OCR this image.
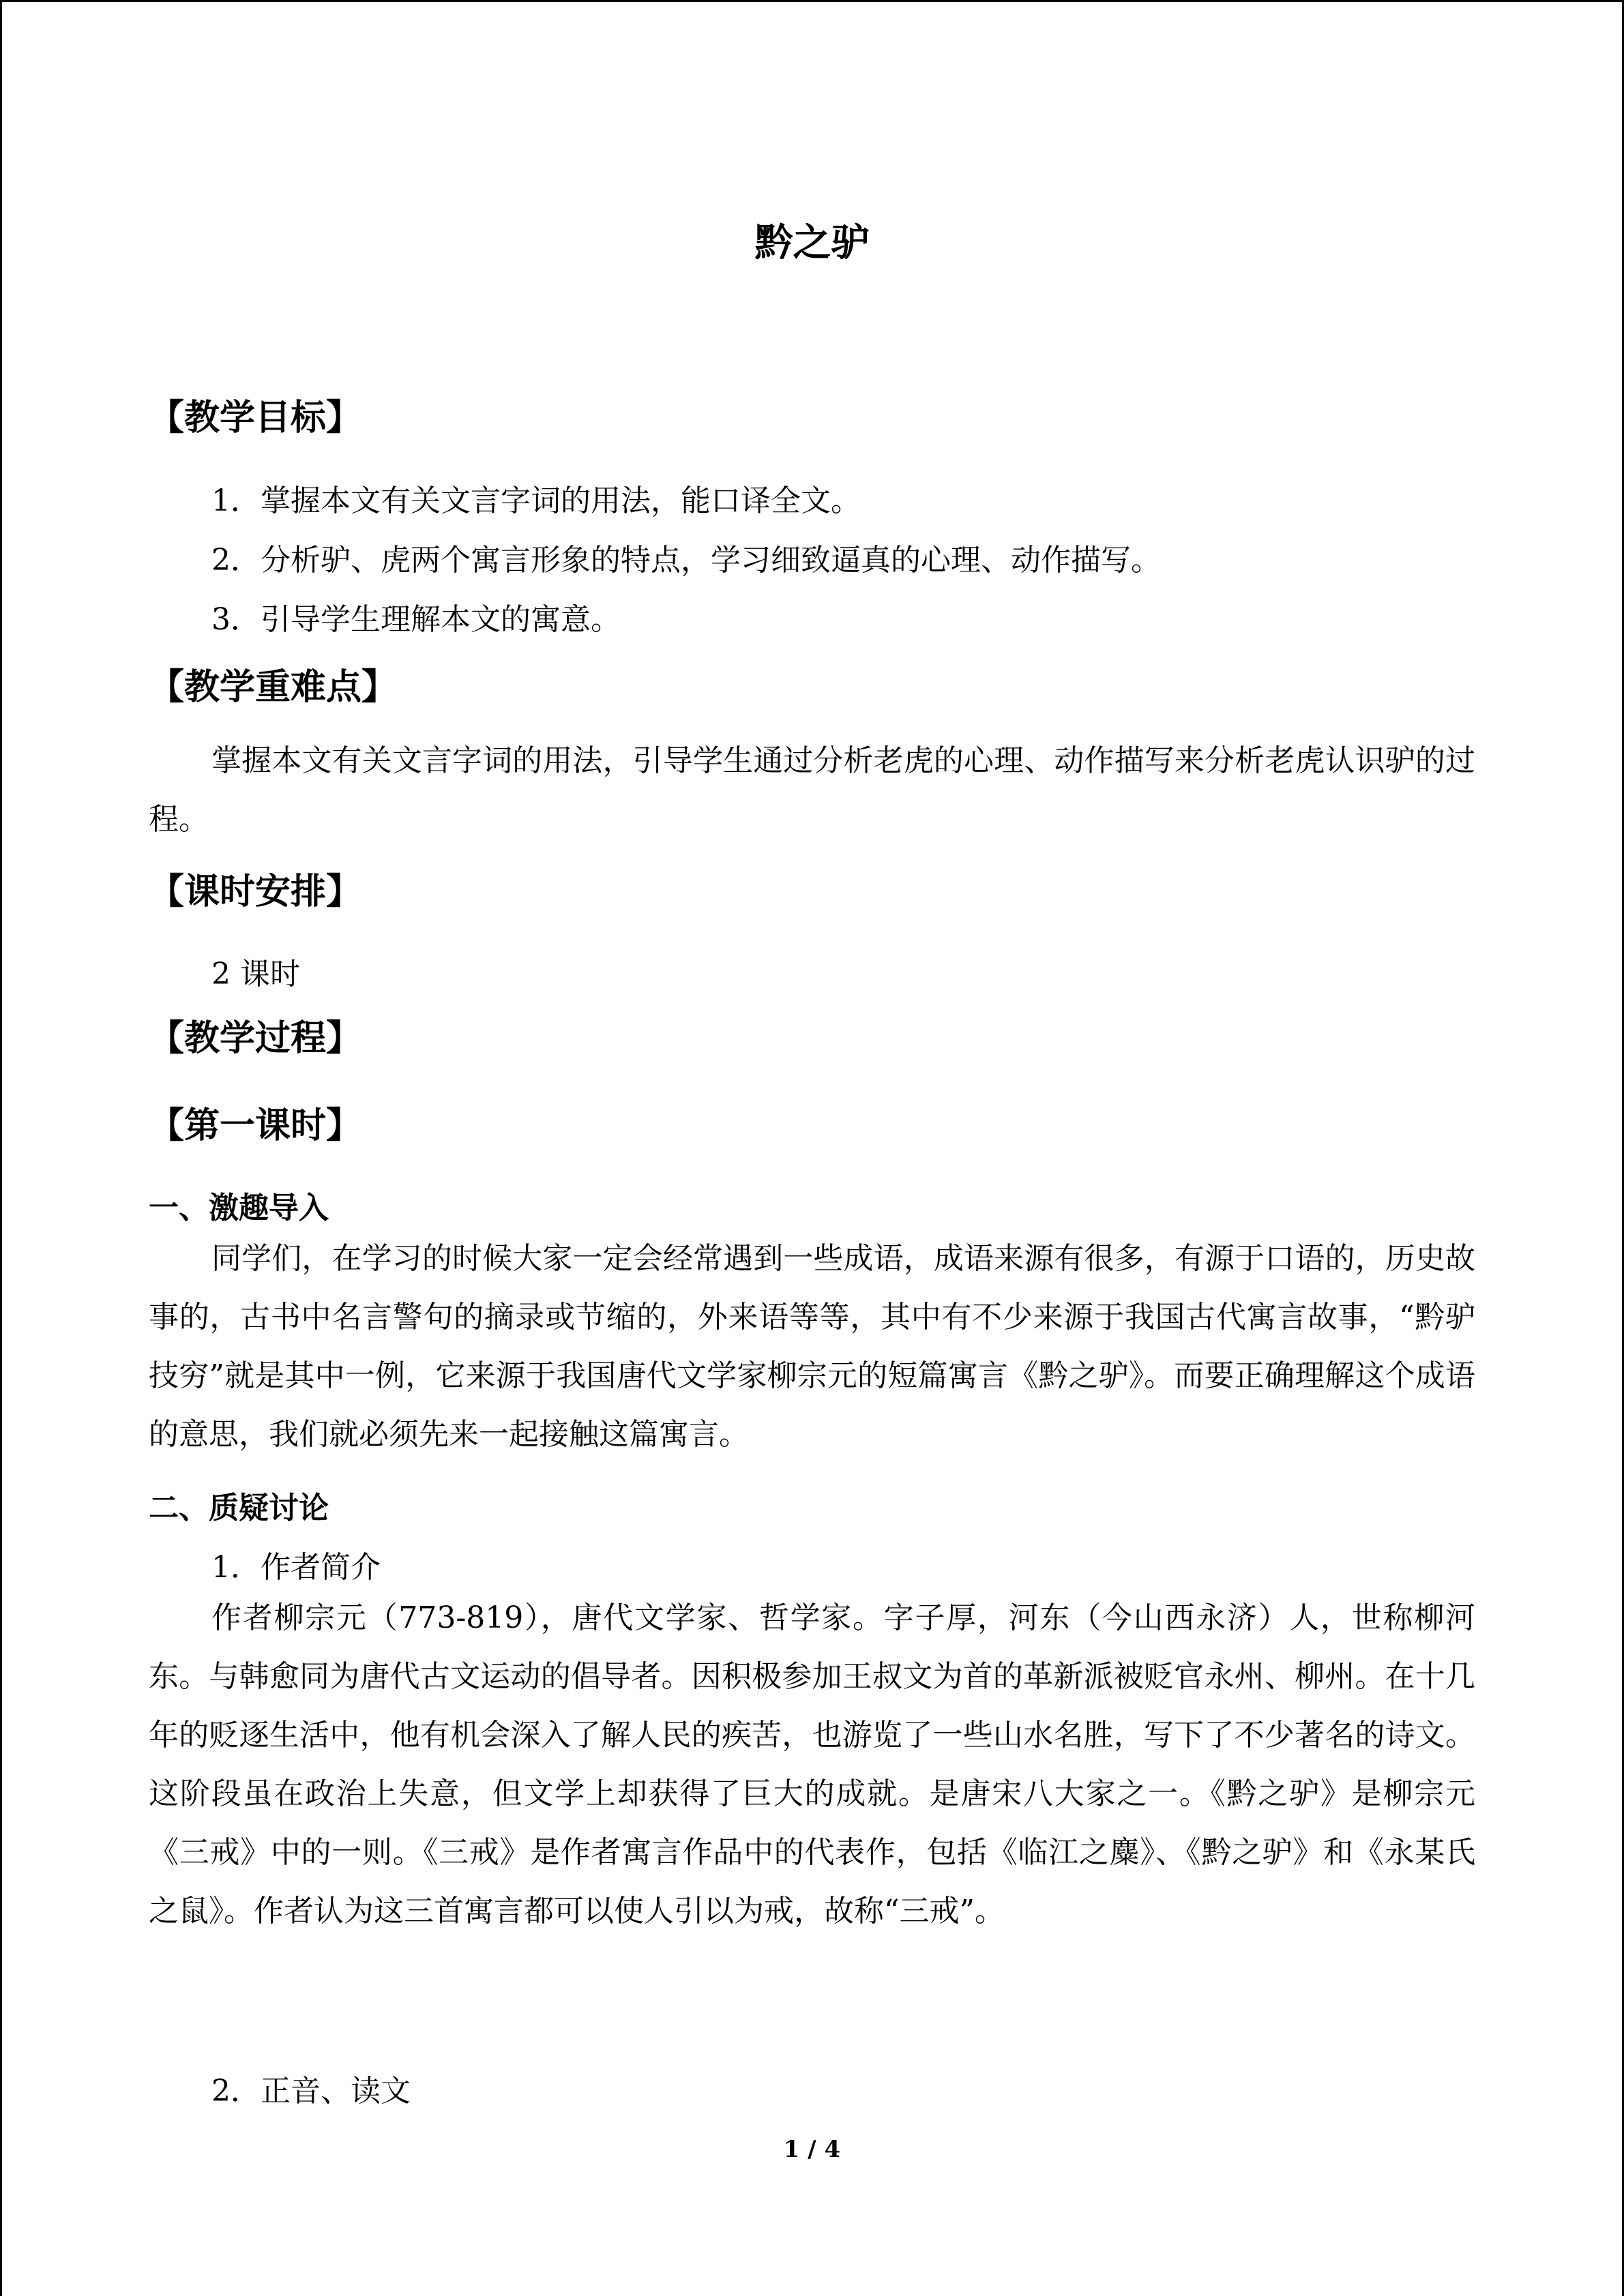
黔之驴
【教学目标】

1．掌握本文有关文言字词的用法，能口译全文。

2．分析驴、虎两个寓言形象的特点，学习细致逼真的心理、动作描写。

3．引导学生理解本文的寓意。

【教学重难点】

掌握本文有关文言字词的用法，引导学生通过分析老虎的心理、动作描写来分析老虎认识驴的过程。

【课时安排】

2 课时

【教学过程】
【第一课时】
一、激趣导入

同学们，在学习的时候大家一定会经常遇到一些成语，成语来源有很多，有源于口语的，历史故事的，古书中名言警句的摘录或节缩的，外来语等等，其中有不少来源于我国古代寓言故事，“黔驴技穷”就是其中一例，它来源于我国唐代文学家柳宗元的短篇寓言《黔之驴》。而要正确理解这个成语的意思，我们就必须先来一起接触这篇寓言。

二、质疑讨论

1．作者简介

作者柳宗元（773-819），唐代文学家、哲学家。字子厚，河东（今山西永济）人，世称柳河东。与韩愈同为唐代古文运动的倡导者。因积极参加王叔文为首的革新派被贬官永州、柳州。在十几年的贬逐生活中，他有机会深入了解人民的疾苦，也游览了一些山水名胜，写下了不少著名的诗文。这阶段虽在政治上失意，但文学上却获得了巨大的成就。是唐宋八大家之一。《黔之驴》是柳宗元《三戒》中的一则。《三戒》是作者寓言作品中的代表作，包括《临江之麋》、《黔之驴》和《永某氏之鼠》。作者认为这三首寓言都可以使人引以为戒，故称“三戒”。

2．正音、读文

1 / 4
